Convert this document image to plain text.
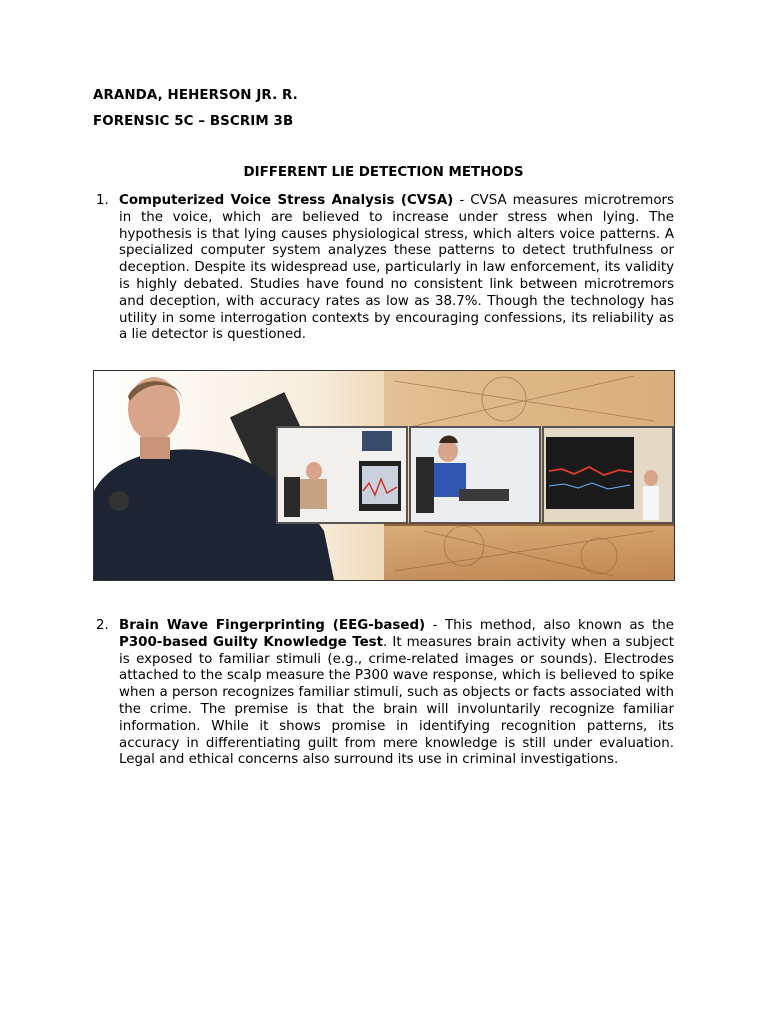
ARANDA, HEHERSON JR. R.
FORENSIC 5C – BSCRIM 3B
DIFFERENT LIE DETECTION METHODS
1. Computerized Voice Stress Analysis (CVSA) - CVSA measures microtremors in the voice, which are believed to increase under stress when lying. The hypothesis is that lying causes physiological stress, which alters voice patterns. A specialized computer system analyzes these patterns to detect truthfulness or deception. Despite its widespread use, particularly in law enforcement, its validity is highly debated. Studies have found no consistent link between microtremors and deception, with accuracy rates as low as 38.7%. Though the technology has utility in some interrogation contexts by encouraging confessions, its reliability as a lie detector is questioned.
2. Brain Wave Fingerprinting (EEG-based) - This method, also known as the P300-based Guilty Knowledge Test. It measures brain activity when a subject is exposed to familiar stimuli (e.g., crime-related images or sounds). Electrodes attached to the scalp measure the P300 wave response, which is believed to spike when a person recognizes familiar stimuli, such as objects or facts associated with the crime. The premise is that the brain will involuntarily recognize familiar information. While it shows promise in identifying recognition patterns, its accuracy in differentiating guilt from mere knowledge is still under evaluation. Legal and ethical concerns also surround its use in criminal investigations.
